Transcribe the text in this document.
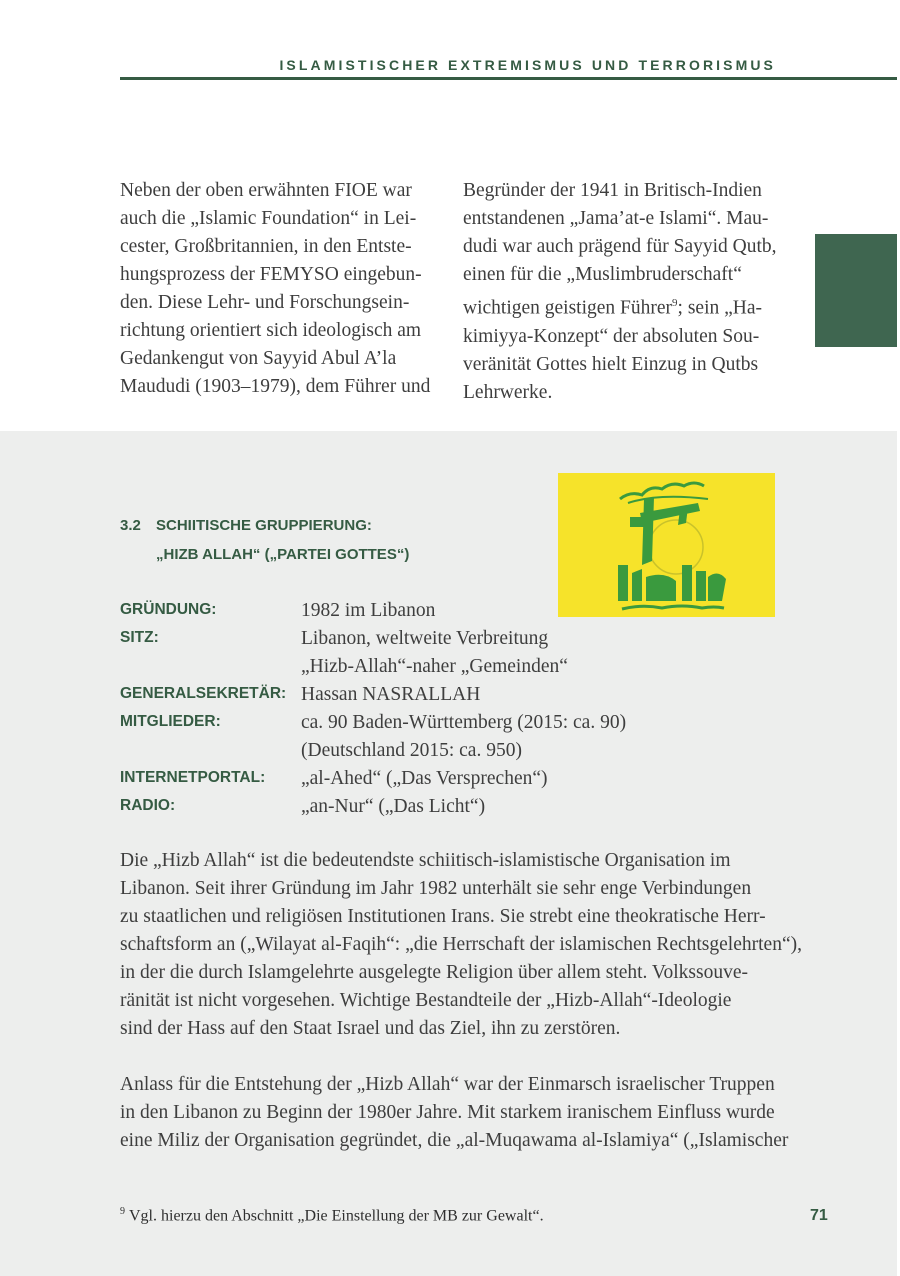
ISLAMISTISCHER EXTREMISMUS UND TERRORISMUS
Neben der oben erwähnten FIOE war
auch die „Islamic Foundation“ in Lei-
cester, Großbritannien, in den Entste-
hungsprozess der FEMYSO eingebun-
den. Diese Lehr- und Forschungsein-
richtung orientiert sich ideologisch am
Gedankengut von Sayyid Abul A’la
Maududi (1903–1979), dem Führer und
Begründer der 1941 in Britisch-Indien
entstandenen „Jama’at-e Islami“. Mau-
dudi war auch prägend für Sayyid Qutb,
einen für die „Muslimbruderschaft“
wichtigen geistigen Führer$^9$; sein „Ha-
kimiyya-Konzept“ der absoluten Sou-
veränität Gottes hielt Einzug in Qutbs
Lehrwerke.
3.2 SCHIITISCHE GRUPPIERUNG:
„HIZB ALLAH“ („PARTEI GOTTES“)
GRÜNDUNG:	1982 im Libanon
SITZ:	Libanon, weltweite Verbreitung
„Hizb-Allah“-naher „Gemeinden“
GENERALSEKRETÄR: Hassan NASRALLAH
MITGLIEDER:	ca. 90 Baden-Württemberg (2015: ca. 90)
(Deutschland 2015: ca. 950)
INTERNETPORTAL: „al-Ahed“ („Das Versprechen“)
RADIO:	„an-Nur“ („Das Licht“)
Die „Hizb Allah“ ist die bedeutendste schiitisch-islamistische Organisation im
Libanon. Seit ihrer Gründung im Jahr 1982 unterhält sie sehr enge Verbindungen
zu staatlichen und religiösen Institutionen Irans. Sie strebt eine theokratische Herr-
schaftsform an („Wilayat al-Faqih“: „die Herrschaft der islamischen Rechtsgelehrten“),
in der die durch Islamgelehrte ausgelegte Religion über allem steht. Volkssouve-
ränität ist nicht vorgesehen. Wichtige Bestandteile der „Hizb-Allah“-Ideologie
sind der Hass auf den Staat Israel und das Ziel, ihn zu zerstören.
Anlass für die Entstehung der „Hizb Allah“ war der Einmarsch israelischer Truppen
in den Libanon zu Beginn der 1980er Jahre. Mit starkem iranischem Einfluss wurde
eine Miliz der Organisation gegründet, die „al-Muqawama al-Islamiya“ („Islamischer
$^9$ Vgl. hierzu den Abschnitt „Die Einstellung der MB zur Gewalt“.	71
